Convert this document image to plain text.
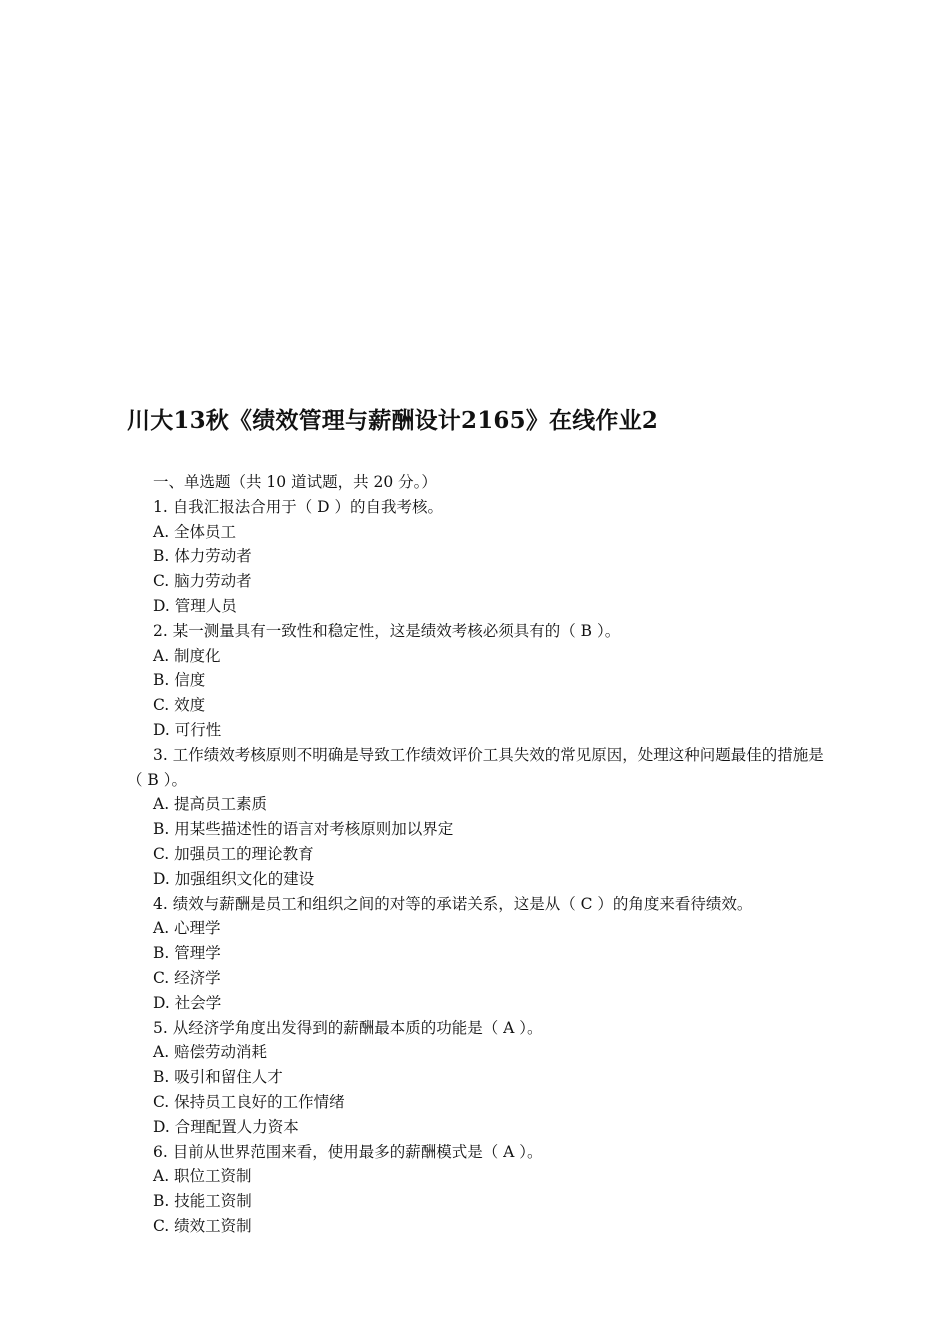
川大13秋《绩效管理与薪酬设计2165》在线作业2
一、单选题（共 10 道试题，共 20 分。）
1. 自我汇报法合用于（ D ）的自我考核。
A. 全体员工
B. 体力劳动者
C. 脑力劳动者
D. 管理人员
2. 某一测量具有一致性和稳定性，这是绩效考核必须具有的（ B ）。
A. 制度化
B. 信度
C. 效度
D. 可行性
3. 工作绩效考核原则不明确是导致工作绩效评价工具失效的常见原因，处理这种问题最佳的措施是（ B ）。
A. 提高员工素质
B. 用某些描述性的语言对考核原则加以界定
C. 加强员工的理论教育
D. 加强组织文化的建设
4. 绩效与薪酬是员工和组织之间的对等的承诺关系，这是从（ C ）的角度来看待绩效。
A. 心理学
B. 管理学
C. 经济学
D. 社会学
5. 从经济学角度出发得到的薪酬最本质的功能是（ A ）。
A. 赔偿劳动消耗
B. 吸引和留住人才
C. 保持员工良好的工作情绪
D. 合理配置人力资本
6. 目前从世界范围来看，使用最多的薪酬模式是（ A ）。
A. 职位工资制
B. 技能工资制
C. 绩效工资制
